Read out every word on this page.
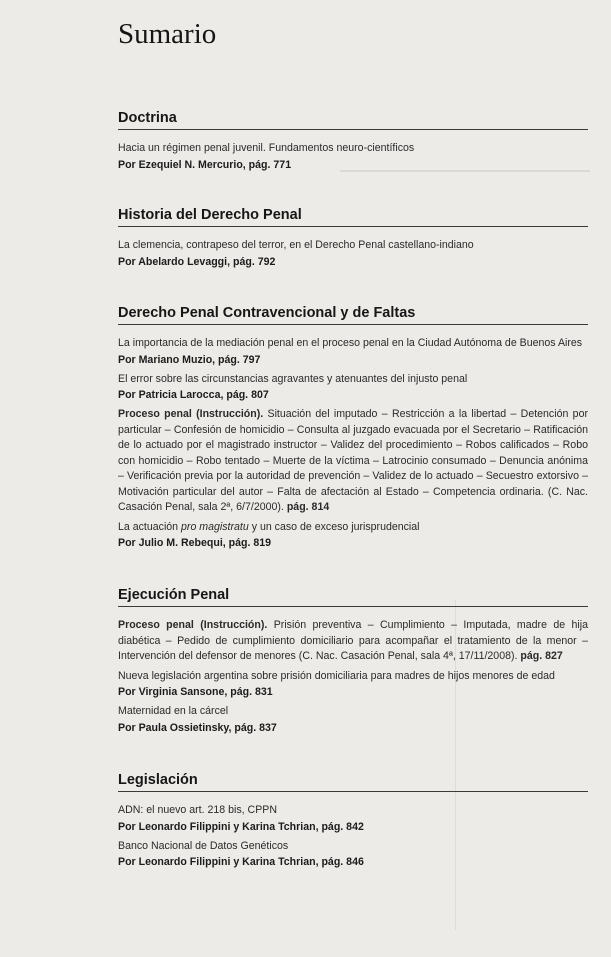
Sumario
Doctrina
Hacia un régimen penal juvenil. Fundamentos neuro-científicos
Por Ezequiel N. Mercurio, pág. 771
Historia del Derecho Penal
La clemencia, contrapeso del terror, en el Derecho Penal castellano-indiano
Por Abelardo Levaggi, pág. 792
Derecho Penal Contravencional y de Faltas
La importancia de la mediación penal en el proceso penal en la Ciudad Autónoma de Buenos Aires
Por Mariano Muzio, pág. 797
El error sobre las circunstancias agravantes y atenuantes del injusto penal
Por Patricia Larocca, pág. 807
Proceso penal (Instrucción). Situación del imputado – Restricción a la libertad – Detención por particular – Confesión de homicidio – Consulta al juzgado evacuada por el Secretario – Ratificación de lo actuado por el magistrado instructor – Validez del procedimiento – Robos calificados – Robo con homicidio – Robo tentado – Muerte de la víctima – Latrocinio consumado – Denuncia anónima – Verificación previa por la autoridad de prevención – Validez de lo actuado – Secuestro extorsivo – Motivación particular del autor – Falta de afectación al Estado – Competencia ordinaria. (C. Nac. Casación Penal, sala 2ª, 6/7/2000). pág. 814
La actuación pro magistratu y un caso de exceso jurisprudencial
Por Julio M. Rebequi, pág. 819
Ejecución Penal
Proceso penal (Instrucción). Prisión preventiva – Cumplimiento – Imputada, madre de hija diabética – Pedido de cumplimiento domiciliario para acompañar el tratamiento de la menor – Intervención del defensor de menores (C. Nac. Casación Penal, sala 4ª, 17/11/2008). pág. 827
Nueva legislación argentina sobre prisión domiciliaria para madres de hijos menores de edad
Por Virginia Sansone, pág. 831
Maternidad en la cárcel
Por Paula Ossietinsky, pág. 837
Legislación
ADN: el nuevo art. 218 bis, CPPN
Por Leonardo Filippini y Karina Tchrian, pág. 842
Banco Nacional de Datos Genéticos
Por Leonardo Filippini y Karina Tchrian, pág. 846
